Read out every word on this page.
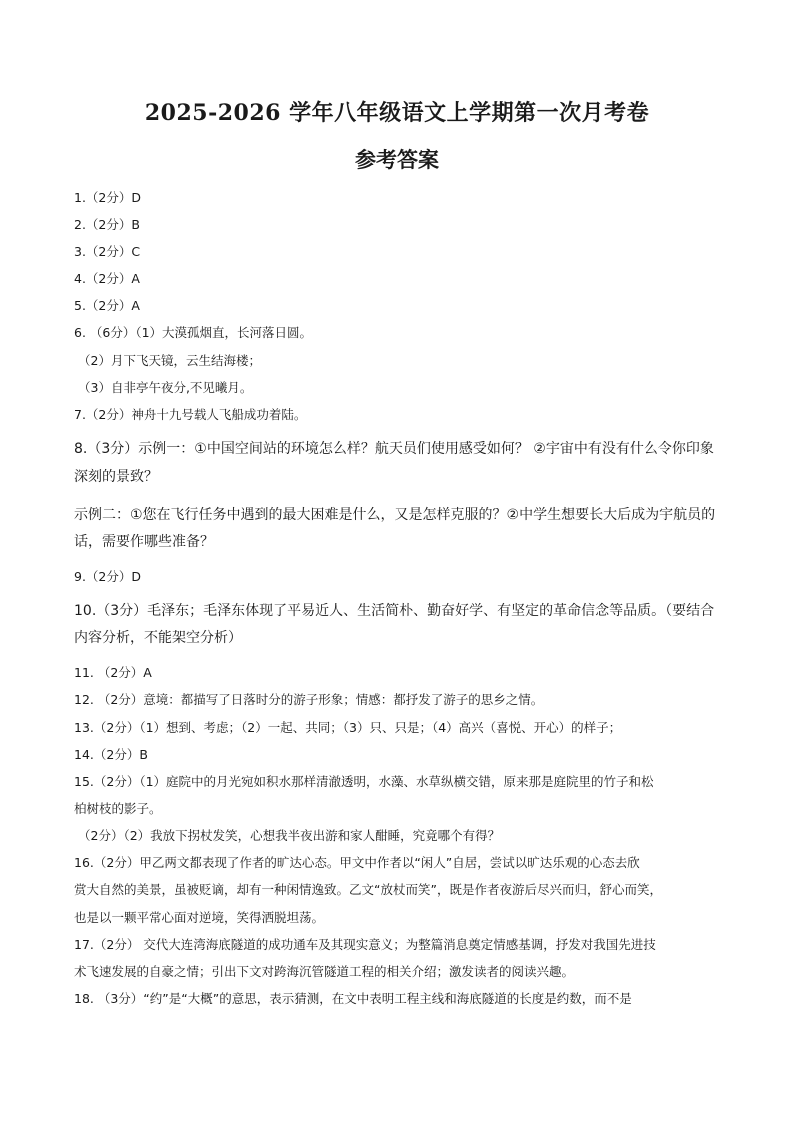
2025-2026 学年八年级语文上学期第一次月考卷
参考答案
1.（2分）D
2.（2分）B
3.（2分）C
4.（2分）A
5.（2分）A
6. （6分）（1）大漠孤烟直，长河落日圆。
（2）月下飞天镜，云生结海楼；
（3）自非亭午夜分,不见曦月。
7.（2分）神舟十九号载人飞船成功着陆。
8.（3分）示例一：①中国空间站的环境怎么样？航天员们使用感受如何？ ②宇宙中有没有什么令你印象
深刻的景致？
示例二：①您在飞行任务中遇到的最大困难是什么，又是怎样克服的？②中学生想要长大后成为宇航员的
话，需要作哪些准备？
9.（2分）D
10.（3分）毛泽东；毛泽东体现了平易近人、生活简朴、勤奋好学、有坚定的革命信念等品质。（要结合
内容分析，不能架空分析）
11. （2分）A
12. （2分）意境：都描写了日落时分的游子形象；情感：都抒发了游子的思乡之情。
13.（2分）（1）想到、考虑；（2）一起、共同；（3）只、只是；（4）高兴（喜悦、开心）的样子；
14.（2分）B
15.（2分）（1）庭院中的月光宛如积水那样清澈透明，水藻、水草纵横交错，原来那是庭院里的竹子和松
柏树枝的影子。
（2分）（2）我放下拐杖发笑，心想我半夜出游和家人酣睡，究竟哪个有得？
16.（2分）甲乙两文都表现了作者的旷达心态。甲文中作者以“闲人”自居，尝试以旷达乐观的心态去欣
赏大自然的美景，虽被贬谪，却有一种闲情逸致。乙文“放杖而笑”，既是作者夜游后尽兴而归，舒心而笑，
也是以一颗平常心面对逆境，笑得洒脱坦荡。
17.（2分） 交代大连湾海底隧道的成功通车及其现实意义；为整篇消息奠定情感基调，抒发对我国先进技
术飞速发展的自豪之情；引出下文对跨海沉管隧道工程的相关介绍；激发读者的阅读兴趣。
18. （3分）“约”是“大概”的意思，表示猜测，在文中表明工程主线和海底隧道的长度是约数，而不是
